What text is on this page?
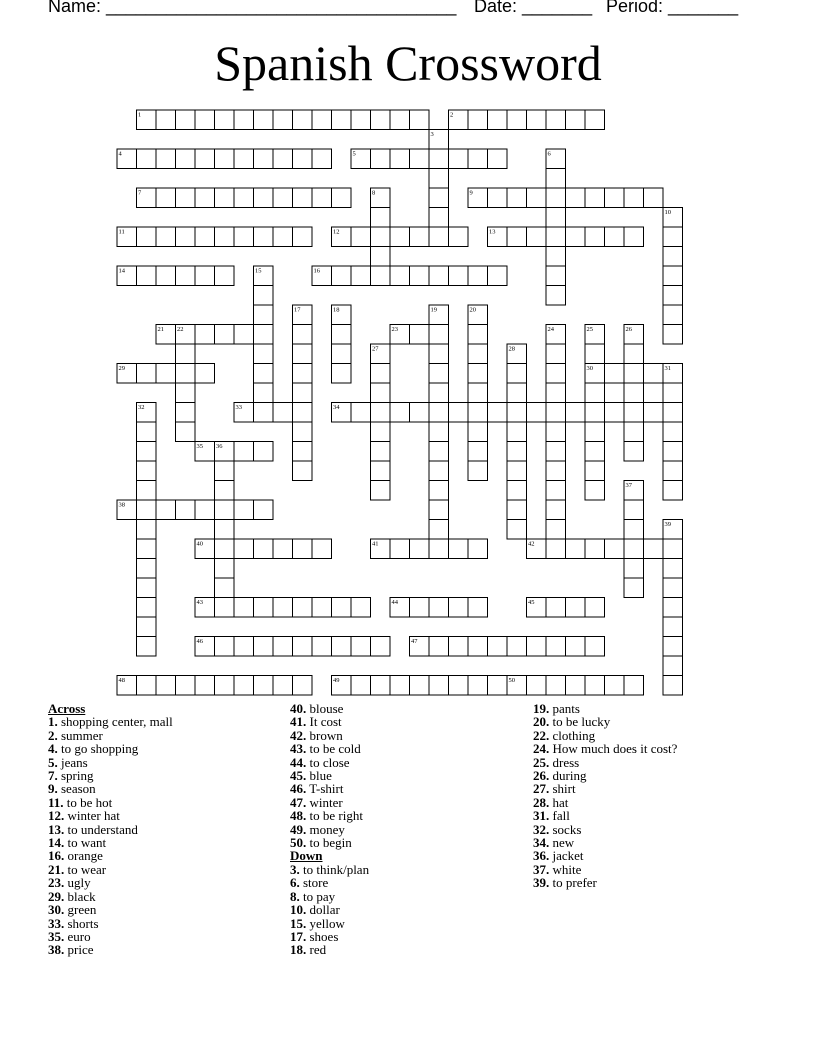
Name: ___________________________________ Date: _______ Period: _______
Spanish Crossword
1	2
3
4	5	6
7	8	9
10
11	12	13
14	15	16
17	18	19	20
21 22	23	24	25	26
27	28
29	30	31
32	33	34
35 36
37
38
39
40	41	42
43	44	45
46	47
48	49	50
Across
1. shopping center, mall
2. summer
4. to go shopping
5. jeans
7. spring
9. season
11. to be hot
12. winter hat
13. to understand
14. to want
16. orange
21. to wear
23. ugly
29. black
30. green
33. shorts
35. euro
38. price
40. blouse
41. It cost
42. brown
43. to be cold
44. to close
45. blue
46. T-shirt
47. winter
48. to be right
49. money
50. to begin
Down
3. to think/plan
6. store
8. to pay
10. dollar
15. yellow
17. shoes
18. red
19. pants
20. to be lucky
22. clothing
24. How much does it cost?
25. dress
26. during
27. shirt
28. hat
31. fall
32. socks
34. new
36. jacket
37. white
39. to prefer
